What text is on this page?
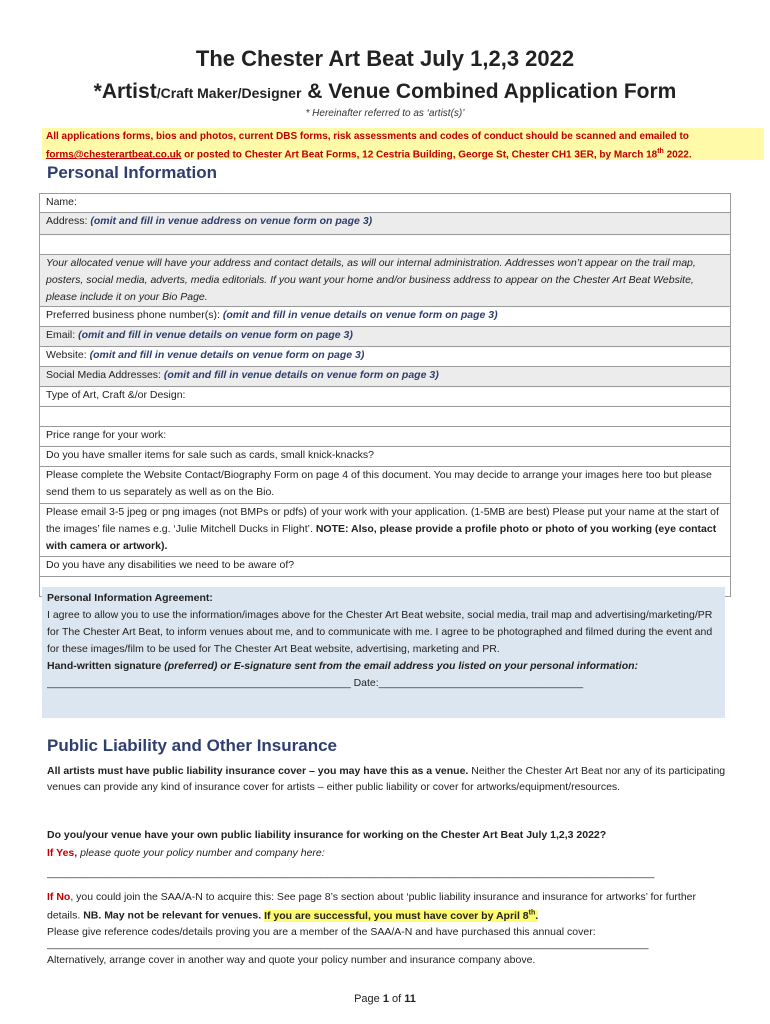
The Chester Art Beat July 1,2,3 2022
*Artist/Craft Maker/Designer & Venue Combined Application Form
* Hereinafter referred to as ‘artist(s)’
All applications forms, bios and photos, current DBS forms, risk assessments and codes of conduct should be scanned and emailed to
forms@chesterartbeat.co.uk or posted to Chester Art Beat Forms, 12 Cestria Building, George St, Chester CH1 3ER, by March 18th 2022.
Personal Information
Name:
Address: (omit and fill in venue address on venue form on page 3)

Your allocated venue will have your address and contact details, as will our internal administration. Addresses won’t appear on the trail map, posters, social media, adverts, media editorials. If you want your home and/or business address to appear on the Chester Art Beat Website, please include it on your Bio Page.
Preferred business phone number(s): (omit and fill in venue details on venue form on page 3)
Email: (omit and fill in venue details on venue form on page 3)
Website: (omit and fill in venue details on venue form on page 3)
Social Media Addresses: (omit and fill in venue details on venue form on page 3)
Type of Art, Craft &/or Design:

Price range for your work:
Do you have smaller items for sale such as cards, small knick-knacks?
Please complete the Website Contact/Biography Form on page 4 of this document. You may decide to arrange your images here too but please send them to us separately as well as on the Bio.
Please email 3-5 jpeg or png images (not BMPs or pdfs) of your work with your application. (1-5MB are best) Please put your name at the start of the images’ file names e.g. ‘Julie Mitchell Ducks in Flight’. NOTE: Also, please provide a profile photo or photo of you working (eye contact with camera or artwork).
Do you have any disabilities we need to be aware of?

Personal Information Agreement:
I agree to allow you to use the information/images above for the Chester Art Beat website, social media, trail map and advertising/marketing/PR for The Chester Art Beat, to inform venues about me, and to communicate with me. I agree to be photographed and filmed during the event and for these images/film to be used for The Chester Art Beat website, advertising, marketing and PR.
Hand-written signature (preferred) or E-signature sent from the email address you listed on your personal information:
____________________________________________________ Date:___________________________________
Public Liability and Other Insurance
All artists must have public liability insurance cover – you may have this as a venue. Neither the Chester Art Beat nor any of its participating venues can provide any kind of insurance cover for artists – either public liability or cover for artworks/equipment/resources.
Do you/your venue have your own public liability insurance for working on the Chester Art Beat July 1,2,3 2022?
If Yes, please quote your policy number and company here:
________________________________________________________________________________________________________
If No, you could join the SAA/A-N to acquire this: See page 8’s section about ‘public liability insurance and insurance for artworks’ for further details. NB. May not be relevant for venues. If you are successful, you must have cover by April 8th.
Please give reference codes/details proving you are a member of the SAA/A-N and have purchased this annual cover:
_______________________________________________________________________________________________________
Alternatively, arrange cover in another way and quote your policy number and insurance company above.
Page 1 of 11
